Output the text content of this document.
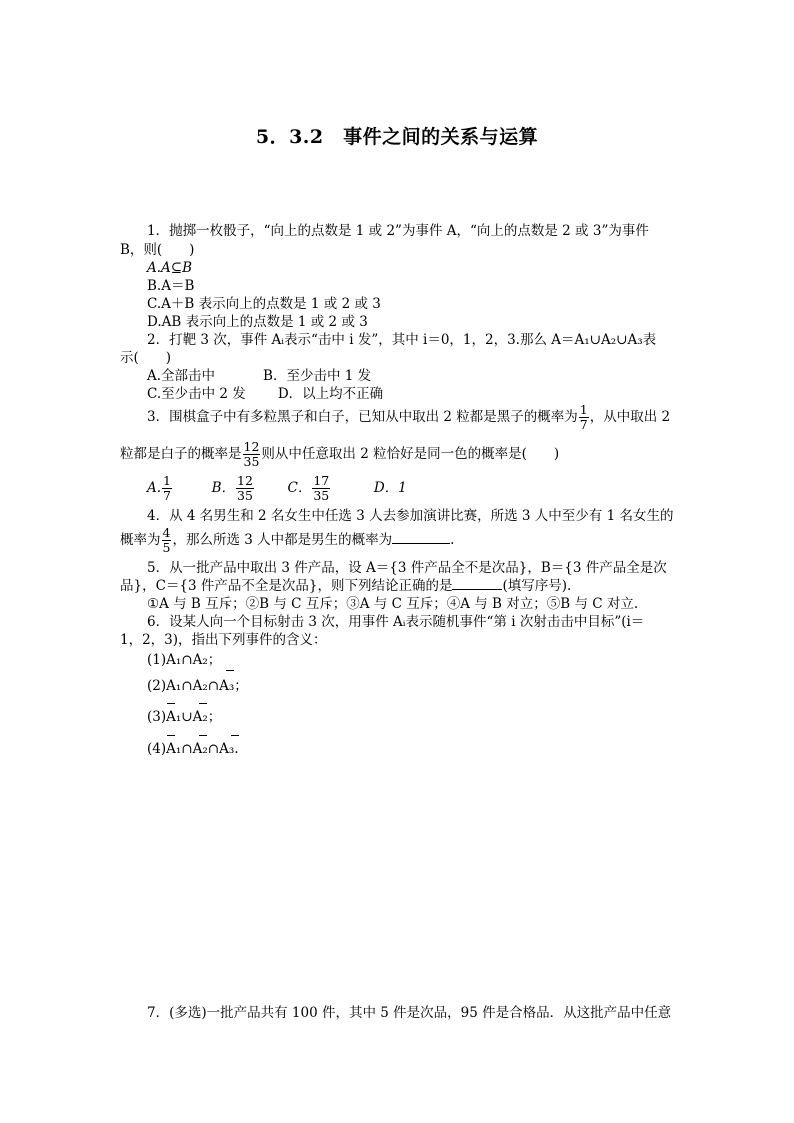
5．3.2　事件之间的关系与运算
1．抛掷一枚骰子，“向上的点数是 1 或 2”为事件 A，“向上的点数是 2 或 3”为事件
B，则(　　)
A.A⊆B
B.A＝B
C.A＋B 表示向上的点数是 1 或 2 或 3
D.AB 表示向上的点数是 1 或 2 或 3
2．打靶 3 次，事件 Aᵢ表示“击中 i 发”，其中 i＝0，1，2，3.那么 A＝A₁∪A₂∪A₃表
示(　　)
A.全部击中	B．至少击中 1 发
C.至少击中 2 发 D．以上均不正确
3．围棋盒子中有多粒黑子和白子，已知从中取出 2 粒都是黑子的概率为 $\frac{1}{7}$ ，从中取出 2
粒都是白子的概率是 $\frac{12}{35}$ 则从中任意取出 2 粒恰好是同一色的概率是(　　)
A. $\frac{1}{7}$	B． $\frac{12}{35}$ C． $\frac{17}{35}$	D．1
4．从 4 名男生和 2 名女生中任选 3 人去参加演讲比赛，所选 3 人中至少有 1 名女生的
概率为 $\frac{4}{5}$ ，那么所选 3 人中都是男生的概率为	.
5．从一批产品中取出 3 件产品，设 A＝{3 件产品全不是次品}，B＝{3 件产品全是次
品}，C＝{3 件产品不全是次品}，则下列结论正确的是	(填写序号).
①A 与 B 互斥；②B 与 C 互斥；③A 与 C 互斥；④A 与 B 对立；⑤B 与 C 对立.
6．设某人向一个目标射击 3 次，用事件 Aᵢ表示随机事件“第 i 次射击击中目标”(i＝
1，2，3)，指出下列事件的含义：
(1)A₁∩A₂；
(2)A₁∩A₂∩A₃；
(3)A₁∪A₂；
(4)A₁∩A₂∩A₃.
7．(多选)一批产品共有 100 件，其中 5 件是次品，95 件是合格品．从这批产品中任意
